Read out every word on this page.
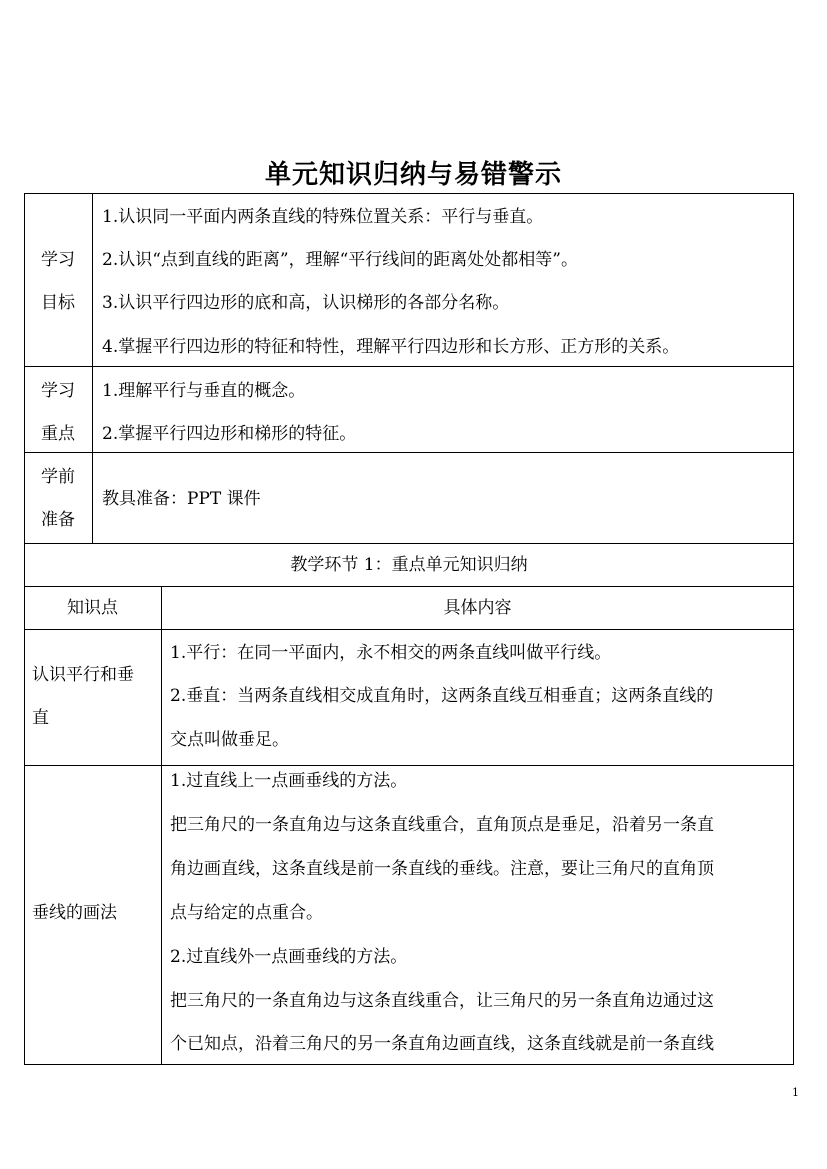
单元知识归纳与易错警示
学习
目标
1.认识同一平面内两条直线的特殊位置关系：平行与垂直。
2.认识“点到直线的距离”，理解“平行线间的距离处处都相等”。
3.认识平行四边形的底和高，认识梯形的各部分名称。
4.掌握平行四边形的特征和特性，理解平行四边形和长方形、正方形的关系。
学习
重点
1.理解平行与垂直的概念。
2.掌握平行四边形和梯形的特征。
学前
准备
教具准备：PPT 课件
教学环节 1：重点单元知识归纳
知识点	具体内容
认识平行和垂
直
1.平行：在同一平面内，永不相交的两条直线叫做平行线。
2.垂直：当两条直线相交成直角时，这两条直线互相垂直；这两条直线的
交点叫做垂足。
垂线的画法
1.过直线上一点画垂线的方法。
把三角尺的一条直角边与这条直线重合，直角顶点是垂足，沿着另一条直
角边画直线，这条直线是前一条直线的垂线。注意，要让三角尺的直角顶
点与给定的点重合。
2.过直线外一点画垂线的方法。
把三角尺的一条直角边与这条直线重合，让三角尺的另一条直角边通过这
个已知点，沿着三角尺的另一条直角边画直线，这条直线就是前一条直线
1
